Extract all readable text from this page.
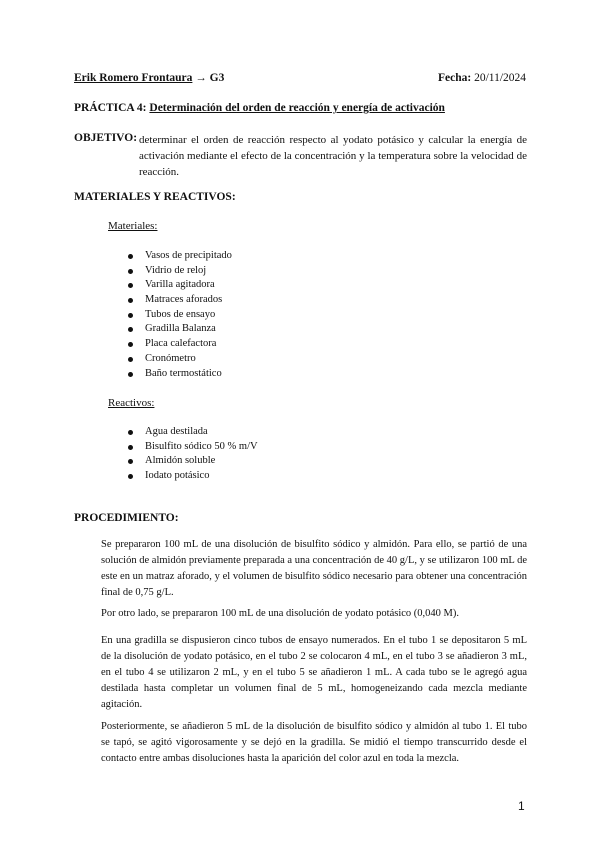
Erik Romero Frontaura → G3	Fecha: 20/11/2024
PRÁCTICA 4: Determinación del orden de reacción y energía de activación
OBJETIVO: determinar el orden de reacción respecto al yodato potásico y calcular la energía de activación mediante el efecto de la concentración y la temperatura sobre la velocidad de reacción.
MATERIALES Y REACTIVOS:
Materiales:
Vasos de precipitado
Vidrio de reloj
Varilla agitadora
Matraces aforados
Tubos de ensayo
Gradilla Balanza
Placa calefactora
Cronómetro
Baño termostático
Reactivos:
Agua destilada
Bisulfito sódico 50 % m/V
Almidón soluble
Iodato potásico
PROCEDIMIENTO:
Se prepararon 100 mL de una disolución de bisulfito sódico y almidón. Para ello, se partió de una solución de almidón previamente preparada a una concentración de 40 g/L, y se utilizaron 100 mL de este en un matraz aforado, y el volumen de bisulfito sódico necesario para obtener una concentración final de 0,75 g/L.
Por otro lado, se prepararon 100 mL de una disolución de yodato potásico (0,040 M).
En una gradilla se dispusieron cinco tubos de ensayo numerados. En el tubo 1 se depositaron 5 mL de la disolución de yodato potásico, en el tubo 2 se colocaron 4 mL, en el tubo 3 se añadieron 3 mL, en el tubo 4 se utilizaron 2 mL, y en el tubo 5 se añadieron 1 mL. A cada tubo se le agregó agua destilada hasta completar un volumen final de 5 mL, homogeneizando cada mezcla mediante agitación.
Posteriormente, se añadieron 5 mL de la disolución de bisulfito sódico y almidón al tubo 1. El tubo se tapó, se agitó vigorosamente y se dejó en la gradilla. Se midió el tiempo transcurrido desde el contacto entre ambas disoluciones hasta la aparición del color azul en toda la mezcla.
1
